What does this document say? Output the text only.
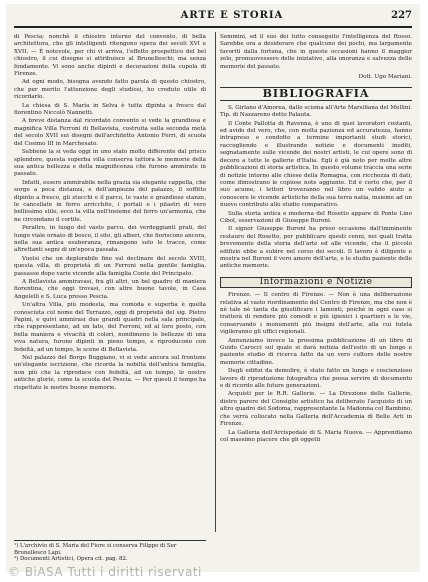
ARTE E STORIA	227

di Pescia; nonchè il chiostro interno del convento, di bella architettura, che gli intelligenti ritengono opera dei secoli XVI e XVII. — È notevole, per chi vi arriva, l'effetto prospettico del bel chiostro, il cui disegno si attribuisce al Brunelleschi; ma senza fondamento. Vi sono anche dipinti e decorazioni della cupola di Firenze.

Ad ogni modo, bisogna avendo fatto parola di questo chiostro, che per merito l'attenzione degli studiosi, ho creduto utile di ricordarlo.

La chiesa di S. Maria in Selva è tutta dipinta a fresco dal fiorentino Niccolò Nannetti.

A breve distanza dal ricordato convento si vede la grandiosa e magnifica Villa Ferroni di Bellavista, costruita sulla seconda metà del secolo XVII sui disegni dell'architetto Antonio Ferri, di scuola del Cosimo III in Marchesato.

Sebbene la si veda oggi in uno stato molto differente dal prisco splendore, questa superba villa conserva tuttora le memorie della sua antica bellezza e della magnificenza che furono ammirate in passato.

Infatti, essere ammirabile nella grazia sia elegante cappella, che sorge a poca distanza, e dell'ampiezza del palazzo, il soffitto dipinto a fresco, gli stucchi e il parco, le vaste e grandiose stanze, le cancellate in ferro arricchite, i portali e i pilastri di vero bellissimo stile, ecco la villa nell'insieme del ferro un'armonia, che ne circondano il cortile.

Peraltro, in luogo del vasto parco, dei verdeggianti prati, del lungo viale ornato di bosco, il sito, gli alberi, che fioriscono ancora, nella sua antica esuberanza, rimangono solo le tracce, come altrettanti segni di un'epoca passata.

Vuolsi che un deplorabile fine sul declinare del secolo XVIII, questa villa, di proprietà di un Ferroni nella gentile famiglia, passasse dopo varie vicende alla famiglia Conte del Principato.

A Bellavista ammiravasi, fra gli altri, un bel quadro di maniera fiorentina, che oggi trovasi, con altre buone tavole, in Casa Angelelli e S. Luca presso Pescia.

Un'altra Villa, più modesta, ma comoda e superba è quella conosciuta col nome del Terrazzo, oggi di proprietà del sig. Pietro Papini, e quivi ammirasi due grandi quadri nella sala principale, che rappresentano, ad un lato, del Ferroni, ed al loro posto, con bella maniera e vivacità di colori, nondimeno le bellezze di una viva natura, furono dipinti in pieno tempo, e riproducono con fedeltà, ad un tempo, le scene di Bellavista.

Nel palazzo del Borgo Buggiano, vi si vede ancora sul frontone un'elegante iscrizione, che ricorda la nobiltà dell'antica famiglia, non più che la riproduce con fedeltà, ad un tempo, le nostre antiche glorie, come la scuola del Pescia. — Per questi il tempo ha rispettato le nostre buone memorie.

¹) L'archivio di S. Maria del Fiore si conserva Filippo di Ser Brunellesco Lapi.
²) Documenti Artistici, Opera cit. pag. 82.

Semmini, ed il suo dei tutto conseguito l'intelligenza del Rosso. Sarebbe ora a desiderare che qualcuno dei pochi, ma largamente favoriti dalla fortuna, che in queste occasioni hanno il maggior zelo, promuovessero delle iniziative, alla onoranza e salvezza delle memorie del passato.

Dott. Ugo Mariani.
BIBLIOGRAFIA

S. Girlano d'Amorea, dallo scisma all'Arte Marsiliana del Mellini. Tip. di Nazzareno detto Palauta.

Il Conte Pallotta di Ravenna, è uno di quei lavoratori costanti, ed avido del vero, che, con molta pazienza ed accuratezza, hanno intrapreso e condotto a termine importanti studi storici, raccogliendo e illustrando notizie e documenti inediti, segnatamente sulle vicende dei nostri artisti, le cui opere sono di decoro a tutte le gallerie d'Italia. Egli è già noto per molte altre pubblicazioni di storia artistica. In questo volume traccia una serie di notizie intorno alle chiese della Romagna, con ricchezza di dati, come dimostrano le copiose note aggiunte. Ed è certo che, per il suo acume, i lettori troveranno nel libro un valido aiuto a conoscere le vicende artistiche della sua terra natia, insieme ad un nuovo contributo allo studio comparativo.

Sulla storia antica e moderna del Rosetto appare di Ponte Lino Cibol, osservazioni di Giuseppe Buroni.

Il signor Giuseppe Buroni ha preso occasione dall'imminente restauro del Rosetto, per pubblicare questi cenni, nei quali tratta brevemente della storia dell'arte ed alle vicende, che il piccolo edifizio ebbe a subire nel corso dei secoli. Il lavoro è diligente e mostra nel Buroni il vero amore dell'arte, e lo studio paziente delle antiche memorie.

Informazioni e Notizie

Firenze. — Il centro di Firenze. — Non è una deliberazione relativa al vasto riordinamento del Centro di Firenze, ma che non è nè tale nè tanta da giustificare i lamenti, poichè in ogni caso si tratterà di rendere più comodi e più igienici i quartieri e le vie, conservando i monumenti più insigni dell'arte, alla cui tutela vigileranno gli uffici regionali.

Annunziamo invece la prossima pubblicazione di un libro di Guido Carocci sul quale si darà notizia dell'esito di un lungo e paziente studio di ricerca fatto da un vero cultore delle nostre memorie cittadine.

Degli edifizi da demolire, è stato fatto un lungo e coscienzioso lavoro di riproduzione fotografica che possa servire di documento e di ricordo alle future generazioni.

Acquisti per le R.R. Gallerie. — La Direzione delle Gallerie, dietro parere del Consiglio artistico ha deliberato l'acquisto di un altro quadro del Sodoma, rappresentante la Madonna col Bambino, che verrà collocato nella Galleria dell'Accademia di Belle Arti in Firenze.

La Galleria dell'Arcispedale di S. Maria Nuova. — Apprendiamo col massimo piacere che gli oggetti

© BiASA Tutti i diritti riservati
